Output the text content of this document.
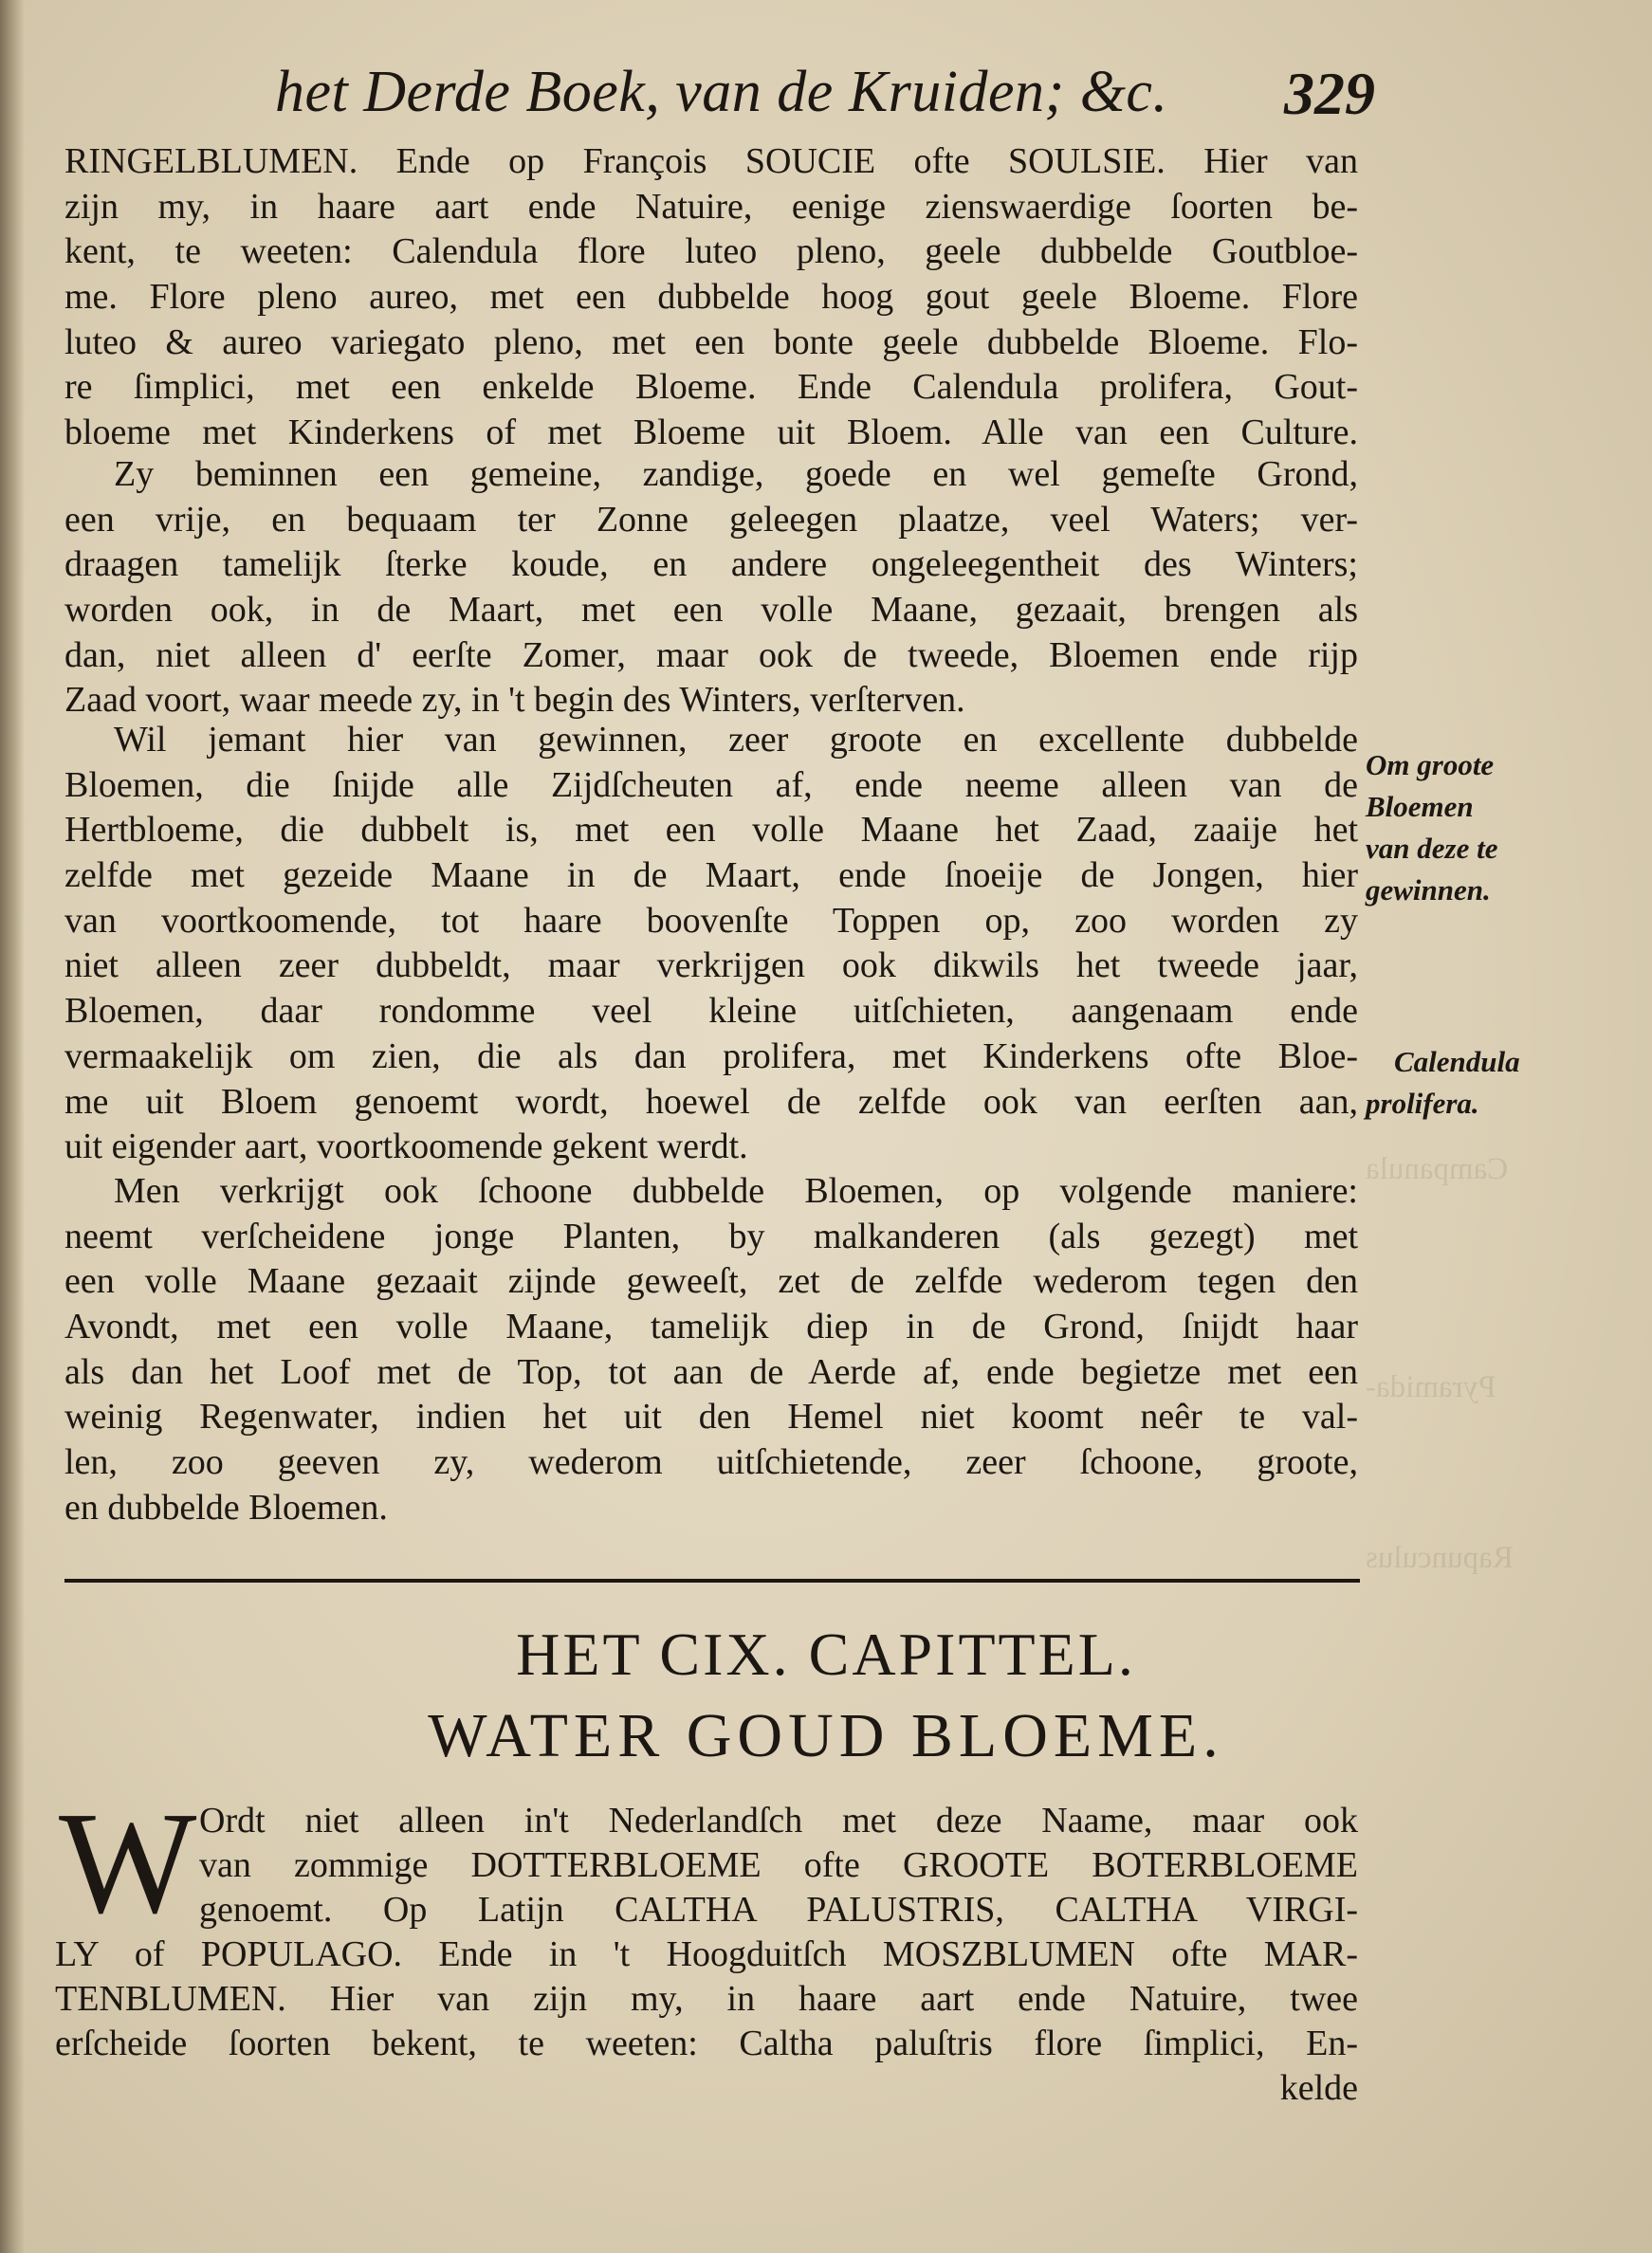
het Derde Boek, van de Kruiden; &c. 329
RINGELBLUMEN. Ende op François SOUCIE ofte SOULSIE. Hier van
zijn my, in haare aart ende Natuire, eenige zienswaerdige ſoorten be-
kent, te weeten: Calendula flore luteo pleno, geele dubbelde Goutbloe-
me. Flore pleno aureo, met een dubbelde hoog gout geele Bloeme. Flore
luteo & aureo variegato pleno, met een bonte geele dubbelde Bloeme. Flo-
re ſimplici, met een enkelde Bloeme. Ende Calendula prolifera, Gout-
bloeme met Kinderkens of met Bloeme uit Bloem. Alle van een Culture.
Zy beminnen een gemeine, zandige, goede en wel gemeſte Grond,
een vrije, en bequaam ter Zonne geleegen plaatze, veel Waters; ver-
draagen tamelijk ſterke koude, en andere ongeleegentheit des Winters;
worden ook, in de Maart, met een volle Maane, gezaait, brengen als
dan, niet alleen d' eerſte Zomer, maar ook de tweede, Bloemen ende rijp
Zaad voort, waar meede zy, in 't begin des Winters, verſterven.
Wil jemant hier van gewinnen, zeer groote en excellente dubbelde
Bloemen, die ſnijde alle Zijdſcheuten af, ende neeme alleen van de
Hertbloeme, die dubbelt is, met een volle Maane het Zaad, zaaije het
zelfde met gezeide Maane in de Maart, ende ſnoeije de Jongen, hier
van voortkoomende, tot haare boovenſte Toppen op, zoo worden zy
niet alleen zeer dubbeldt, maar verkrijgen ook dikwils het tweede jaar,
Bloemen, daar rondomme veel kleine uitſchieten, aangenaam ende
vermaakelijk om zien, die als dan prolifera, met Kinderkens ofte Bloe-
me uit Bloem genoemt wordt, hoewel de zelfde ook van eerſten aan,
uit eigender aart, voortkoomende gekent werdt.
Men verkrijgt ook ſchoone dubbelde Bloemen, op volgende maniere:
neemt verſcheidene jonge Planten, by malkanderen (als gezegt) met
een volle Maane gezaait zijnde geweeſt, zet de zelfde wederom tegen den
Avondt, met een volle Maane, tamelijk diep in de Grond, ſnijdt haar
als dan het Loof met de Top, tot aan de Aerde af, ende begietze met een
weinig Regenwater, indien het uit den Hemel niet koomt neêr te val-
len, zoo geeven zy, wederom uitſchietende, zeer ſchoone, groote,
en dubbelde Bloemen.
Om groote
Bloemen
van deze te
gewinnen.
Calendula
prolifera.
Campanula
Pyramida-
Rapunculus
HET CIX. CAPITTEL.
WATER GOUD BLOEME.
W Ordt niet alleen in't Nederlandſch met deze Naame, maar ook
van zommige DOTTERBLOEME ofte GROOTE BOTERBLOEME
genoemt. Op Latijn CALTHA PALUSTRIS, CALTHA VIRGI-
LY of POPULAGO. Ende in 't Hoogduitſch MOSZBLUMEN ofte MAR-
TENBLUMEN. Hier van zijn my, in haare aart ende Natuire, twee
erſcheide ſoorten bekent, te weeten: Caltha paluſtris flore ſimplici, En-
kelde
